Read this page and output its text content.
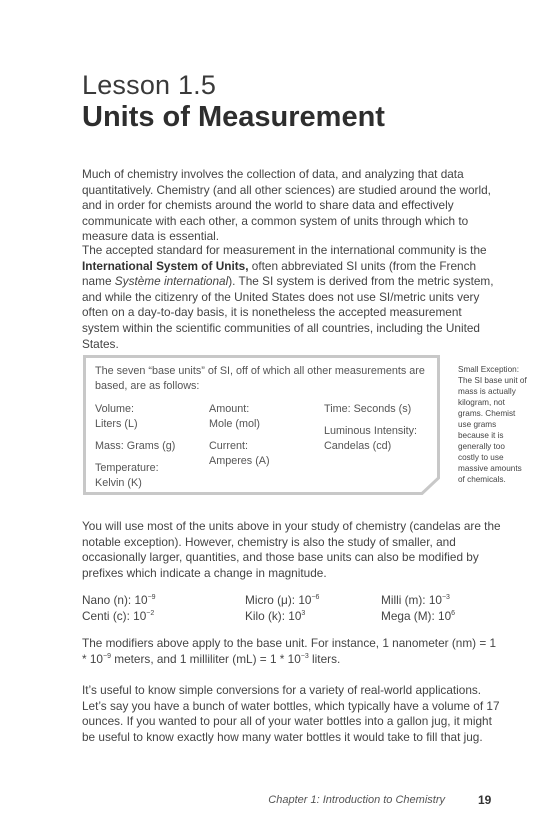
Lesson 1.5
Units of Measurement
Much of chemistry involves the collection of data, and analyzing that data quantitatively. Chemistry (and all other sciences) are studied around the world, and in order for chemists around the world to share data and effectively communicate with each other, a common system of units through which to measure data is essential.
The accepted standard for measurement in the international community is the International System of Units, often abbreviated SI units (from the French name Système international). The SI system is derived from the metric system, and while the citizenry of the United States does not use SI/metric units very often on a day-to-day basis, it is nonetheless the accepted measurement system within the scientific communities of all countries, including the United States.
The seven “base units” of SI, off of which all other measurements are based, are as follows:
Volume:
Liters (L)
Amount:
Mole (mol)
Time: Seconds (s)
Luminous Intensity:
Candelas (cd)
Mass: Grams (g)	Current:
Amperes (A)
Temperature:
Kelvin (K)
Small Exception: The SI base unit of mass is actually kilogram, not grams. Chemist use grams because it is generally too costly to use massive amounts of chemicals.
You will use most of the units above in your study of chemistry (candelas are the notable exception). However, chemistry is also the study of smaller, and occasionally larger, quantities, and those base units can also be modified by prefixes which indicate a change in magnitude.
Nano (n): $10^{-9}$	Micro (μ): $10^{-6}$	Milli (m): $10^{-3}$
Centi (c): $10^{-2}$	Kilo (k): $10^3$	Mega (M): $10^6$
The modifiers above apply to the base unit. For instance, 1 nanometer $(nm) = 1 * 10^{-9}$ meters, and 1 milliliter $(mL) = 1 * 10^{-3}$ liters.
It’s useful to know simple conversions for a variety of real-world applications. Let’s say you have a bunch of water bottles, which typically have a volume of 17 ounces. If you wanted to pour all of your water bottles into a gallon jug, it might be useful to know exactly how many water bottles it would take to fill that jug.
Chapter 1: Introduction to Chemistry	19
